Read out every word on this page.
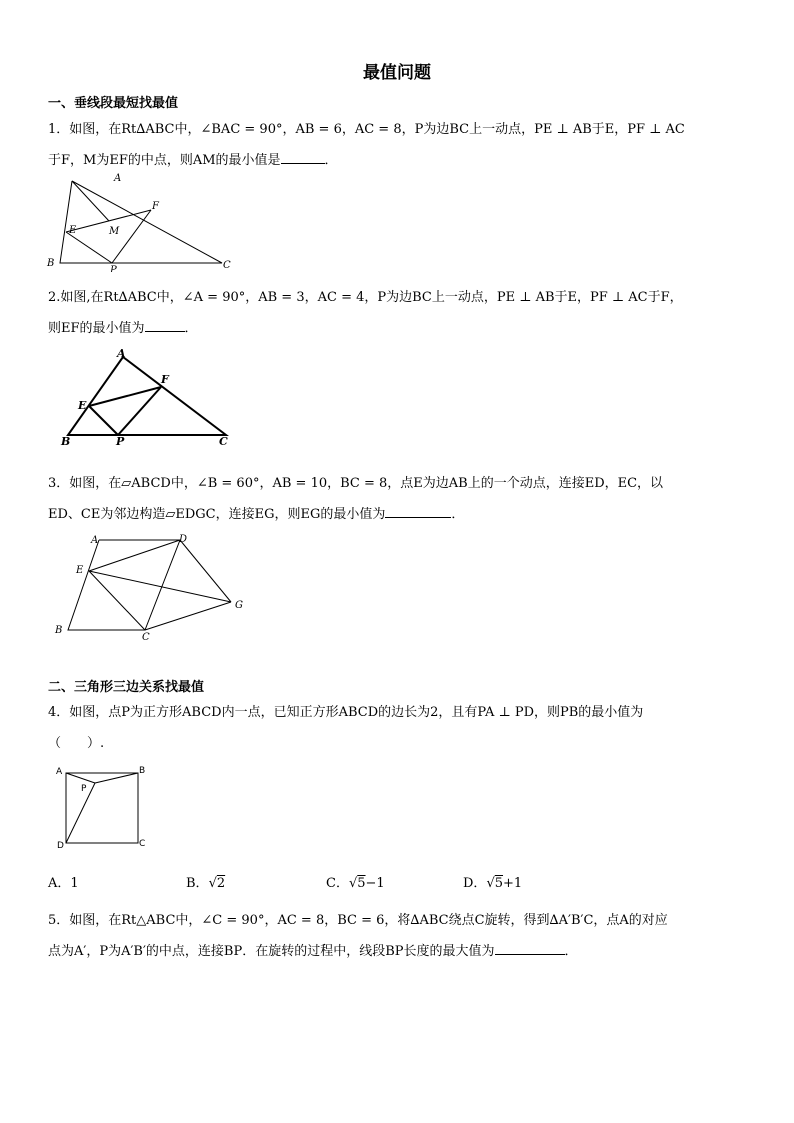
最值问题
一、垂线段最短找最值
1．如图，在Rt∆ABC中，∠BAC = 90°，AB = 6，AC = 8，P为边BC上一动点，PE ⊥ AB于E，PF ⊥ AC
于F，M为EF的中点，则AM的最小值是	．
A
B	C
E
F
M
P
2.如图,在Rt∆ABC中，∠A = 90°，AB = 3，AC = 4，P为边BC上一动点，PE ⊥ AB于E，PF ⊥ AC于F，
则EF的最小值为	．
A
B	C
E
F
P
3．如图，在▱ABCD中，∠B = 60°，AB = 10，BC = 8，点E为边AB上的一个动点，连接ED，EC，以
ED、CE为邻边构造▱EDGC，连接EG，则EG的最小值为	．
A
B
C
D
E
G
二、三角形三边关系找最值
4．如图，点P为正方形ABCD内一点，已知正方形ABCD的边长为2，且有PA ⊥ PD，则PB的最小值为
（　　）.
A	B
C
D
P
A．1	B．√2	C．√5−1	D．√5+1
5．如图，在Rt△ABC中，∠C = 90°，AC = 8，BC = 6，将∆ABC绕点C旋转，得到∆A′B′C，点A的对应
点为A′，P为A′B′的中点，连接BP．在旋转的过程中，线段BP长度的最大值为	．
